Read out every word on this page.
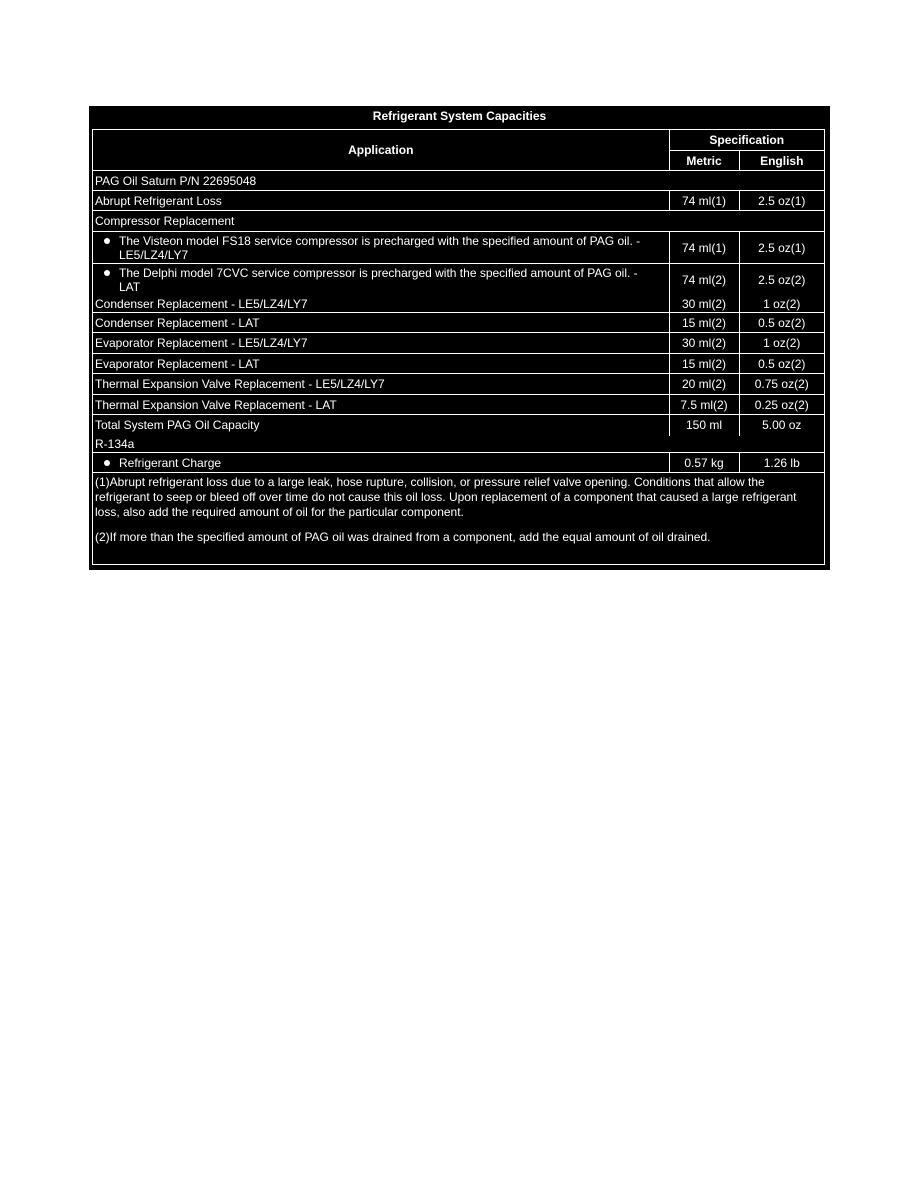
Refrigerant System Capacities
Application	Specification	
	Metric	English
PAG Oil Saturn P/N 22695048		
Abrupt Refrigerant Loss	74 ml(1)	2.5 oz(1)
Compressor Replacement		

The Visteon model FS18 service compressor is precharged with the specified amount of PAG oil. - LE5/LZ4/LY7	74 ml(1)	2.5 oz(1)

The Delphi model 7CVC service compressor is precharged with the specified amount of PAG oil. - LAT	74 ml(2)	2.5 oz(2)
Condenser Replacement - LE5/LZ4/LY7	30 ml(2)	1 oz(2)
Condenser Replacement - LAT	15 ml(2)	0.5 oz(2)
Evaporator Replacement - LE5/LZ4/LY7	30 ml(2)	1 oz(2)
Evaporator Replacement - LAT	15 ml(2)	0.5 oz(2)
Thermal Expansion Valve Replacement - LE5/LZ4/LY7	20 ml(2)	0.75 oz(2)
Thermal Expansion Valve Replacement - LAT	7.5 ml(2)	0.25 oz(2)
Total System PAG Oil Capacity	150 ml	5.00 oz
R-134a		

Refrigerant Charge	0.57 kg	1.26 lb

(1)Abrupt refrigerant loss due to a large leak, hose rupture, collision, or pressure relief valve opening. Conditions that allow the refrigerant to seep or bleed off over time do not cause this oil loss. Upon replacement of a component that caused a large refrigerant loss, also add the required amount of oil for the particular component.

(2)If more than the specified amount of PAG oil was drained from a component, add the equal amount of oil drained.		
